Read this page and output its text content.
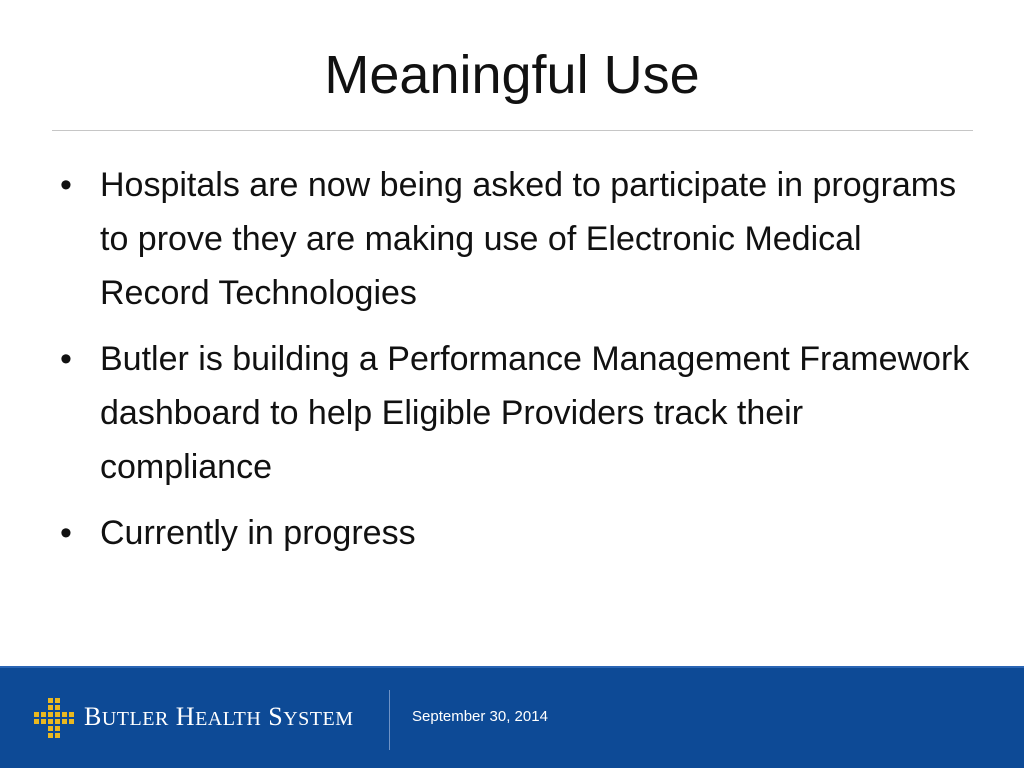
Meaningful Use
• Hospitals are now being asked to participate in programs to prove they are making use of Electronic Medical Record Technologies
• Butler is building a Performance Management Framework dashboard to help Eligible Providers track their compliance
• Currently in progress
BUTLER HEALTH SYSTEM	September 30, 2014
